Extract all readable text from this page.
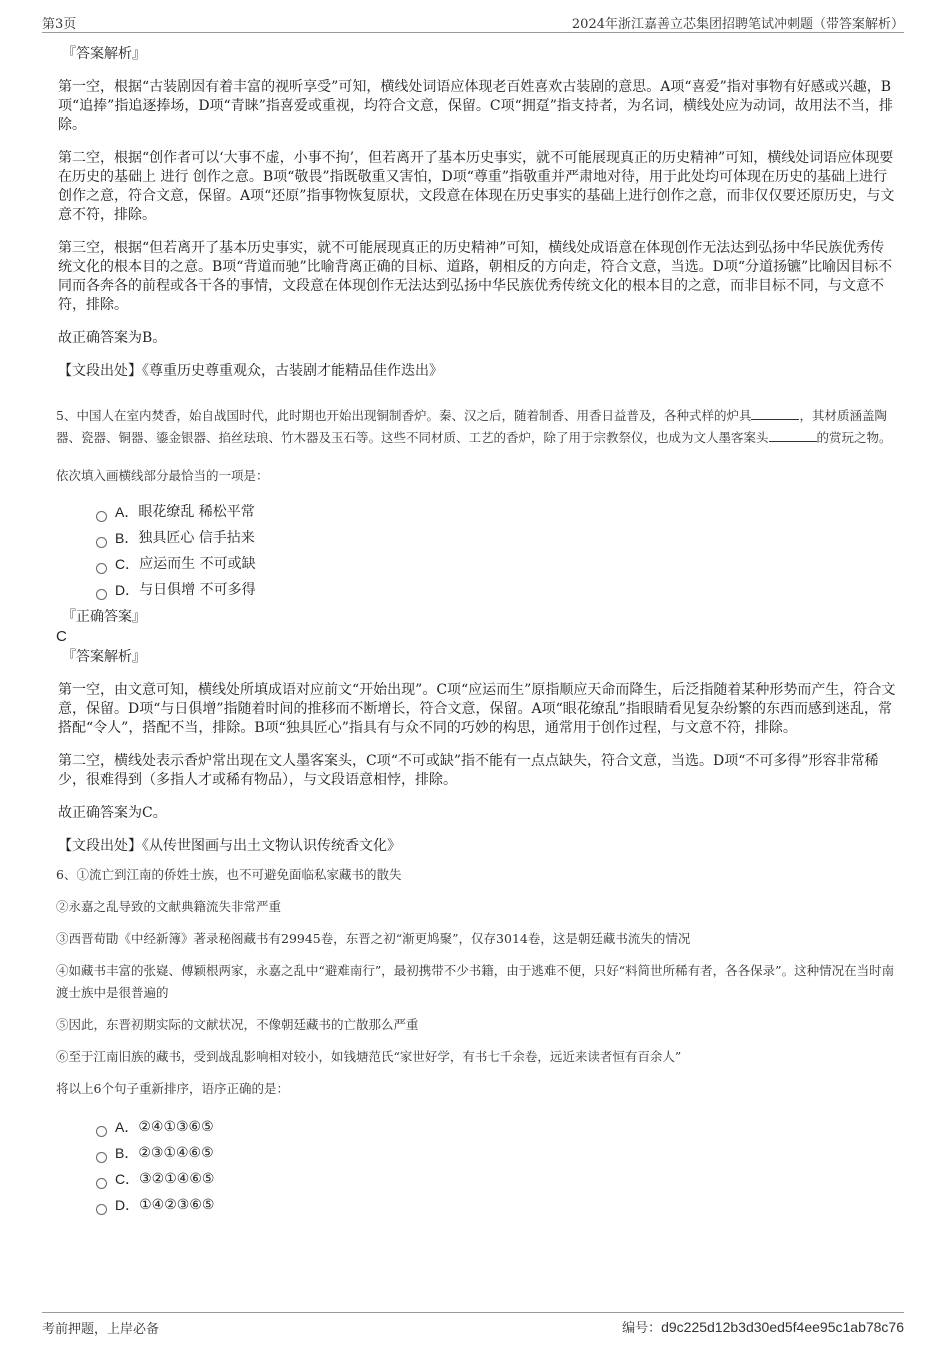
第3页	2024年浙江嘉善立芯集团招聘笔试冲刺题（带答案解析）

『答案解析』

第一空，根据“古装剧因有着丰富的视听享受”可知，横线处词语应体现老百姓喜欢古装剧的意思。A项“喜爱”指对事物有好感或兴趣，B项“追捧”指追逐捧场，D项“青睐”指喜爱或重视，均符合文意，保留。C项“拥趸”指支持者，为名词，横线处应为动词，故用法不当，排除。

第二空，根据“创作者可以‘大事不虚，小事不拘’，但若离开了基本历史事实，就不可能展现真正的历史精神”可知，横线处词语应体现要在历史的基础上 进行 创作之意。B项“敬畏”指既敬重又害怕，D项“尊重”指敬重并严肃地对待，用于此处均可体现在历史的基础上进行创作之意，符合文意，保留。A项“还原”指事物恢复原状，文段意在体现在历史事实的基础上进行创作之意，而非仅仅要还原历史，与文意不符，排除。

第三空，根据“但若离开了基本历史事实，就不可能展现真正的历史精神”可知，横线处成语意在体现创作无法达到弘扬中华民族优秀传统文化的根本目的之意。B项“背道而驰”比喻背离正确的目标、道路，朝相反的方向走，符合文意，当选。D项“分道扬镳”比喻因目标不同而各奔各的前程或各干各的事情，文段意在体现创作无法达到弘扬中华民族优秀传统文化的根本目的之意，而非目标不同，与文意不符，排除。

故正确答案为B。

【文段出处】《尊重历史尊重观众，古装剧才能精品佳作迭出》

5、中国人在室内焚香，始自战国时代，此时期也开始出现铜制香炉。秦、汉之后，随着制香、用香日益普及，各种式样的炉具	，其材质涵盖陶器、瓷器、铜器、鎏金银器、掐丝珐琅、竹木器及玉石等。这些不同材质、工艺的香炉，除了用于宗教祭仪，也成为文人墨客案头	的赏玩之物。

依次填入画横线部分最恰当的一项是：

A． 眼花缭乱 稀松平常
B． 独具匠心 信手拈来
C． 应运而生 不可或缺
D． 与日俱增 不可多得

『正确答案』

C

『答案解析』

第一空，由文意可知，横线处所填成语对应前文“开始出现”。C项“应运而生”原指顺应天命而降生，后泛指随着某种形势而产生，符合文意，保留。D项“与日俱增”指随着时间的推移而不断增长，符合文意，保留。A项“眼花缭乱”指眼睛看见复杂纷繁的东西而感到迷乱，常搭配“令人”，搭配不当，排除。B项“独具匠心”指具有与众不同的巧妙的构思，通常用于创作过程，与文意不符，排除。

第二空，横线处表示香炉常出现在文人墨客案头，C项“不可或缺”指不能有一点点缺失，符合文意，当选。D项“不可多得”形容非常稀少，很难得到（多指人才或稀有物品），与文段语意相悖，排除。

故正确答案为C。

【文段出处】《从传世图画与出土文物认识传统香文化》

6、①流亡到江南的侨姓士族，也不可避免面临私家藏书的散失

②永嘉之乱导致的文献典籍流失非常严重

③西晋荀勖《中经新簿》著录秘阁藏书有29945卷，东晋之初“渐更鸠聚”，仅存3014卷，这是朝廷藏书流失的情况

④如藏书丰富的张嶷、傅颖根两家，永嘉之乱中“避难南行”，最初携带不少书籍，由于逃难不便，只好“料简世所稀有者，各各保录”。这种情况在当时南渡士族中是很普遍的

⑤因此，东晋初期实际的文献状况，不像朝廷藏书的亡散那么严重

⑥至于江南旧族的藏书，受到战乱影响相对较小，如钱塘范氏“家世好学，有书七千余卷，远近来读者恒有百余人”

将以上6个句子重新排序，语序正确的是：

A． ②④①③⑥⑤
B． ②③①④⑥⑤
C． ③②①④⑥⑤
D． ①④②③⑥⑤
考前押题，上岸必备	编号：d9c225d12b3d30ed5f4ee95c1ab78c76
